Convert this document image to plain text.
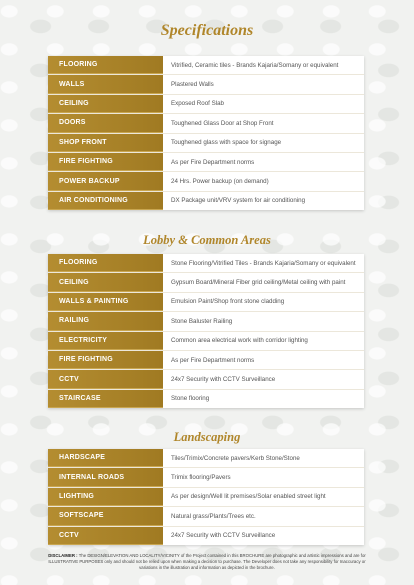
Specifications
FLOORING	Vitrified, Ceramic tiles - Brands Kajaria/Somany or equivalent
WALLS	Plastered Walls
CEILING	Exposed Roof Slab
DOORS	Toughened Glass Door at Shop Front
SHOP FRONT	Toughened glass with space for signage
FIRE FIGHTING	As per Fire Department norms
POWER BACKUP	24 Hrs. Power backup (on demand)
AIR CONDITIONING	DX Package unit/VRV system for air conditioning
Lobby & Common Areas
FLOORING	Stone Flooring/Vitrified Tiles - Brands Kajaria/Somany or equivalent
CEILING	Gypsum Board/Mineral Fiber grid ceiling/Metal ceiling with paint
WALLS & PAINTING	Emulsion Paint/Shop front stone cladding
RAILING	Stone Baluster Railing
ELECTRICITY	Common area electrical work with corridor lighting
FIRE FIGHTING	As per Fire Department norms
CCTV	24x7 Security with CCTV Surveillance
STAIRCASE	Stone flooring
Landscaping
HARDSCAPE	Tiles/Trimix/Concrete pavers/Kerb Stone/Stone
INTERNAL ROADS	Trimix flooring/Pavers
LIGHTING	As per design/Well lit premises/Solar enabled street light
SOFTSCAPE	Natural grass/Plants/Trees etc.
CCTV	24x7 Security with CCTV Surveillance
DISCLAIMER : The DESIGN/ELEVATION AND LOCALITY/VICINITY of the Project contained in this BROCHURE are photographic and artistic impressions and are for ILLUSTRATIVE PURPOSES only and should not be relied upon when making a decision to purchase. The Developer does not take any responsibility for Inaccuracy or variations in the illustration and information as depicted in the brochure.
